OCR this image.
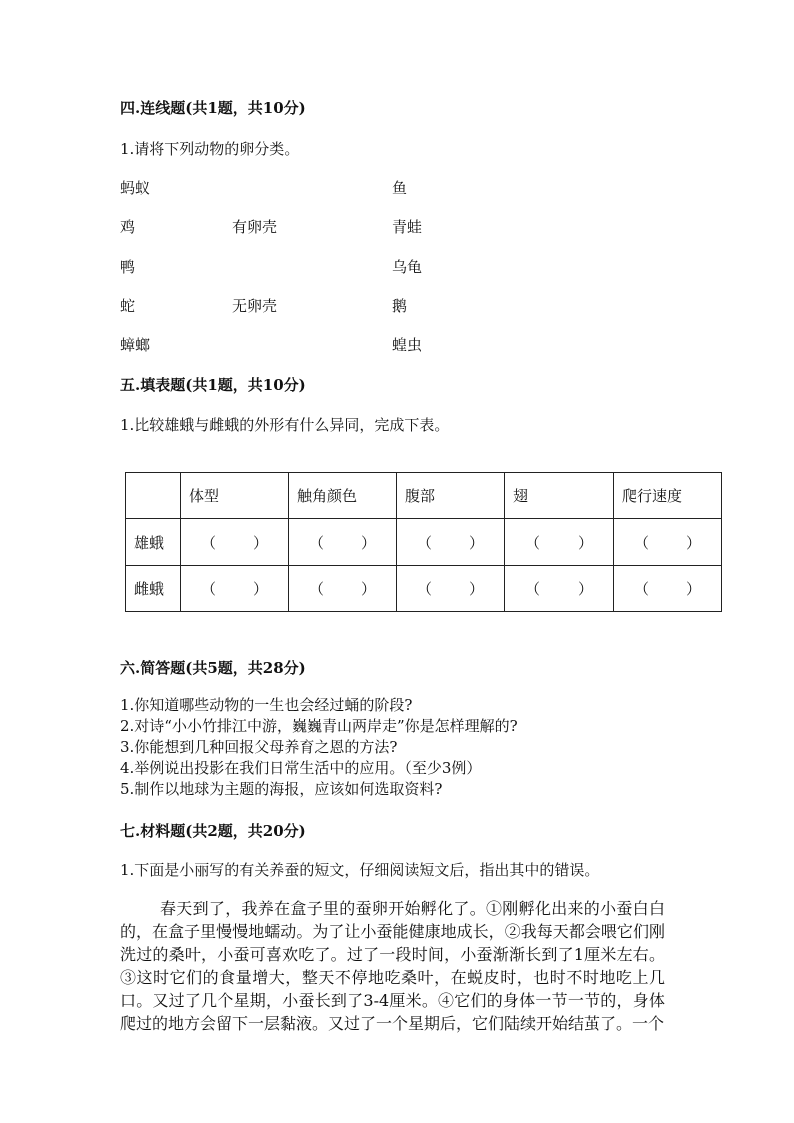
四.连线题(共1题，共10分)
1.请将下列动物的卵分类。
蚂蚁
鸡
鸭
蛇
蟑螂
有卵壳
无卵壳
鱼
青蛙
乌龟
鹅
蝗虫
五.填表题(共1题，共10分)
1.比较雄蛾与雌蛾的外形有什么异同，完成下表。
	体型	触角颜色	腹部	翅	爬行速度
雄蛾	（ ）	（ ）	（ ）	（ ）	（ ）

雌蛾	（ ）	（ ）	（ ）	（ ）	（ ）
六.简答题(共5题，共28分)
1.你知道哪些动物的一生也会经过蛹的阶段?
2.对诗“小小竹排江中游，巍巍青山两岸走”你是怎样理解的?
3.你能想到几种回报父母养育之恩的方法?
4.举例说出投影在我们日常生活中的应用。（至少3例）
5.制作以地球为主题的海报，应该如何选取资料?
七.材料题(共2题，共20分)
1.下面是小丽写的有关养蚕的短文，仔细阅读短文后，指出其中的错误。
春天到了，我养在盒子里的蚕卵开始孵化了。①刚孵化出来的小蚕白白的，在盒子里慢慢地蠕动。为了让小蚕能健康地成长，②我每天都会喂它们刚洗过的桑叶，小蚕可喜欢吃了。过了一段时间，小蚕渐渐长到了1厘米左右。③这时它们的食量增大，整天不停地吃桑叶，在蜕皮时，也时不时地吃上几口。又过了几个星期，小蚕长到了3-4厘米。④它们的身体一节一节的，身体爬过的地方会留下一层黏液。又过了一个星期后，它们陆续开始结茧了。一个
